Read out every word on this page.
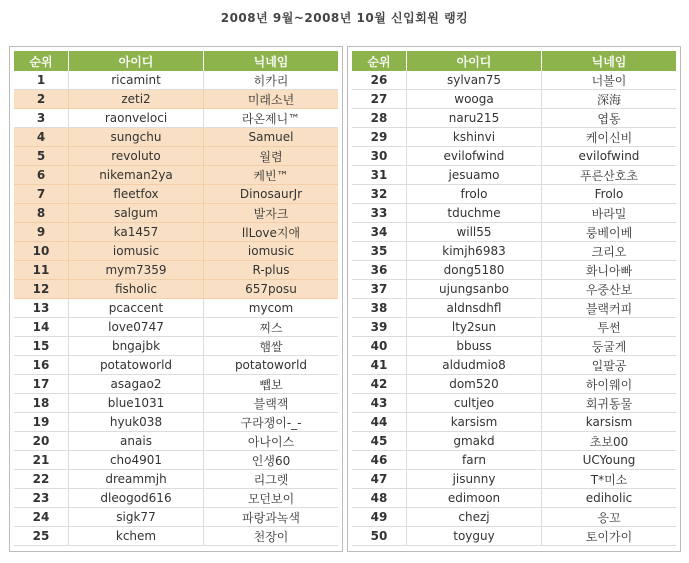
2008년 9월~2008년 10월 신입회원 랭킹
순위	아이디	닉네임
1	ricamint	히카리
2	zeti2	미래소년
3	raonveloci	라온제니™
4	sungchu	Samuel
5	revoluto	월렴
6	nikeman2ya	케빈™
7	fleetfox	DinosaurJr
8	salgum	발자크
9	ka1457	llLove지애
10	iomusic	iomusic
11	mym7359	R-plus
12	fisholic	657posu
13	pcaccent	mycom
14	love0747	찌스
15	bngajbk	햄쌀
16	potatoworld	potatoworld
17	asagao2	뺍보
18	blue1031	블랙잭
19	hyuk038	구라쟁이-_-
20	anais	아나이스
21	cho4901	인생60
22	dreammjh	리그렛
23	dleogod616	모던보이
24	sigk77	파랑과녹색
25	kchem	천장이
순위	아이디	닉네임
26	sylvan75	너볼이
27	wooga	深海
28	naru215	엽동
29	kshinvi	케이신비
30	evilofwind	evilofwind
31	jesuamo	푸른산호초
32	frolo	Frolo
33	tduchme	바라밀
34	will55	룽베이베
35	kimjh6983	크리오
36	dong5180	화니아빠
37	ujungsanbo	우중산보
38	aldnsdhfl	블랙커피
39	lty2sun	투썬
40	bbuss	둥굴게
41	aldudmio8	일팔공
42	dom520	하이웨이
43	cultjeo	회귀동물
44	karsism	karsism
45	gmakd	초보00
46	farn	UCYoung
47	jisunny	T*미소
48	edimoon	ediholic
49	chezj	응꼬
50	toyguy	토이가이
